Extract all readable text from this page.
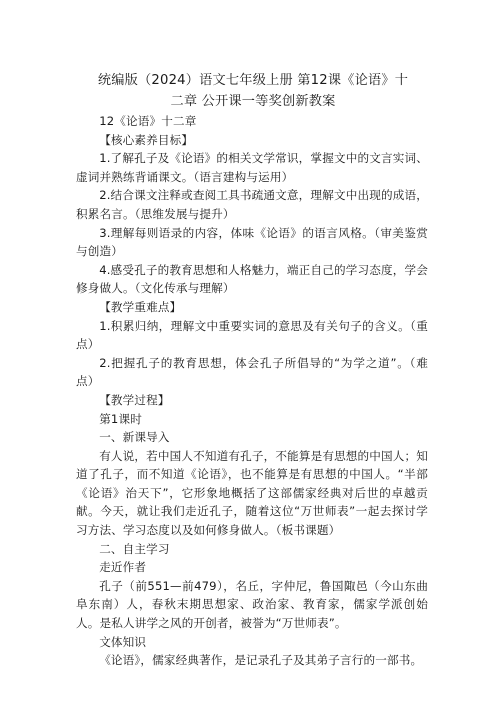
统编版（2024）语文七年级上册 第12课《论语》十
二章 公开课一等奖创新教案

12《论语》十二章

【核心素养目标】

1.了解孔子及《论语》的相关文学常识，掌握文中的文言实词、虚词并熟练背诵课文。（语言建构与运用）

2.结合课文注释或查阅工具书疏通文意，理解文中出现的成语，积累名言。（思维发展与提升）

3.理解每则语录的内容，体味《论语》的语言风格。（审美鉴赏与创造）

4.感受孔子的教育思想和人格魅力，端正自己的学习态度，学会修身做人。（文化传承与理解）

【教学重难点】

1.积累归纳，理解文中重要实词的意思及有关句子的含义。（重点）

2.把握孔子的教育思想，体会孔子所倡导的“为学之道”。（难点）

【教学过程】

第1课时

一、新课导入

有人说，若中国人不知道有孔子，不能算是有思想的中国人；知道了孔子，而不知道《论语》，也不能算是有思想的中国人。“半部《论语》治天下”，它形象地概括了这部儒家经典对后世的卓越贡献。今天，就让我们走近孔子，随着这位“万世师表”一起去探讨学习方法、学习态度以及如何修身做人。（板书课题）

二、自主学习

走近作者

孔子（前551—前479），名丘，字仲尼，鲁国陬邑（今山东曲阜东南）人，春秋末期思想家、政治家、教育家，儒家学派创始人。是私人讲学之风的开创者，被誉为“万世师表”。

文体知识

《论语》，儒家经典著作，是记录孔子及其弟子言行的一部书。
